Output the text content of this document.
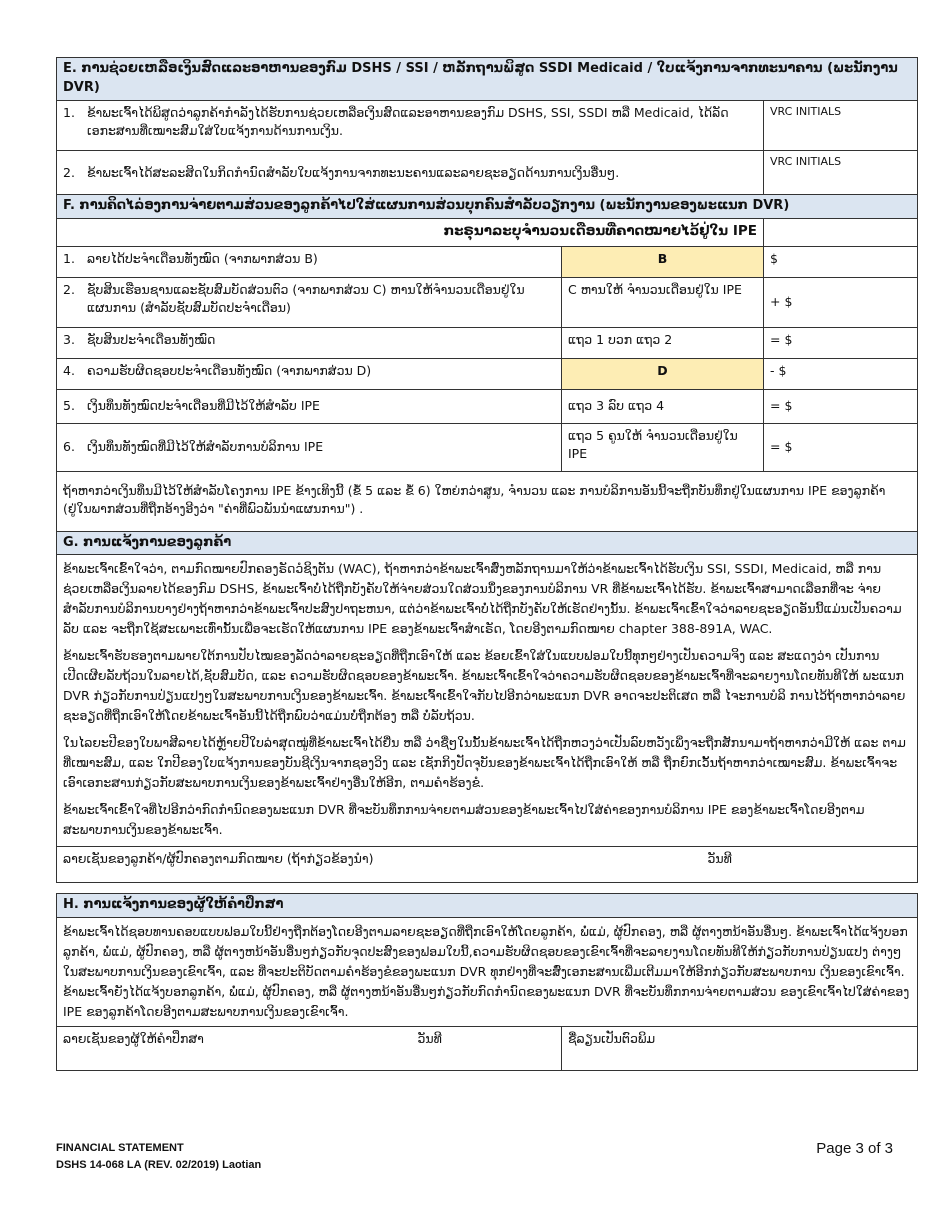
E. ການຊ່ວຍເຫລືອເງິນສົດແລະອາຫານຂອງກົມ DSHS / SSI / ຫລັກຖານພິສູດ SSDI Medicaid / ໃບແຈ້ງການຈາກທະນາຄານ (ພະນັກງານ DVR)	

1. ຂ້າພະເຈົ້າໄດ້ພິສູດວ່າລູກຄ້າກຳລັງໄດ້ຮັບການຊ່ວຍເຫລືອເງິນສົດແລະອາຫານຂອງກົມ DSHS, SSI, SSDI ຫລື Medicaid, ໄດ້ລັດ ເອກະສານທີ່ເໝາະສົມໃສ່ໃບແຈ້ງການດ້ານການເງິນ.	VRC INITIALS

2. ຂ້າພະເຈົ້າໄດ້ສະລະສິດໃນກິດກຳນົດສຳລັບໃບແຈ້ງການຈາກທະນະຄານແລະລາຍຊະອຽດດ້ານການເງິນອື່ນໆ.	VRC INITIALS
F. ການຄິດໄລ່ອງການຈ່າຍຕາມສ່ວນຂອງລູກຄ້າໄປໃສ່ແຜນການສ່ວນບຸກຄົນສຳລັບວຽກງານ (ພະນັກງານຂອງພະແນກ DVR)		
ກະຣຸນາລະບຸຈຳນວນເດືອນທີ່ຄາດໝາຍໄວ້ຢູ່ໃນ IPE		
1. ລາຍໄດ້ປະຈຳເດືອນທັງໝົດ (ຈາກພາກສ່ວນ B)	B	$

2. ຊັບສິນເຮືອນຊານແລະຊັບສົມບັດສ່ວນຕົວ (ຈາກພາກສ່ວນ C) ຫານໃຫ້ຈຳນວນເດືອນຢູ່ໃນແຜນການ (ສຳລັບຊັບສົມບັດປະຈຳເດືອນ)	C ຫານໃຫ້ ຈຳນວນເດືອນຢູ່ໃນ IPE	+ $
3. ຊັບສິນປະຈຳເດືອນທັງໝົດ	ແຖວ 1 ບວກ ແຖວ 2	= $
4. ຄວາມຮັບຜິດຊອບປະຈຳເດືອນທັງໝົດ (ຈາກພາກສ່ວນ D)	D	- $
5. ເງິນທຶນທັງໝົດປະຈຳເດືອນທີ່ມີໄວ້ໃຫ້ສຳລັບ IPE	ແຖວ 3 ລົບ ແຖວ 4	= $
6. ເງິນທຶນທັງໝົດທີ່ມີໄວ້ໃຫ້ສຳລັບການບໍລິການ IPE	ແຖວ 5 ຄູນໃຫ້ ຈຳນວນເດືອນຢູ່ໃນ IPE	= $
ຖ້າຫາກວ່າເງິນທຶນມີໄວ້ໃຫ້ສຳລັບໂຄງການ IPE ຂ້າງເທິງນີ້ (ຂໍ້ 5 ແລະ ຂໍ້ 6) ໃຫຍ່ກວ່າສູນ, ຈຳນວນ ແລະ ການບໍລິການອັນນີ້ຈະຖືກບັນທຶກຢູ່ໃນແຜນການ IPE ຂອງລູກຄ້າ (ຢູ່ໃນພາກສ່ວນທີ່ຖືກອ້າງອີງວ່າ "ຄ່າທີ່ພົວພັນນຳແຜນການ") .		
G. ການແຈ້ງການຂອງລູກຄ້າ

ຂ້າພະເຈົ້າເຂົ້າໃຈວ່າ, ຕາມກົດໝາຍປົກຄອງຣັດວໍຊິງຕັນ (WAC), ຖ້າຫາກວ່າຂ້າພະເຈົ້າສົ່ງຫລັກຖານມາໃຫ້ວ່າຂ້າພະເຈົ້າໄດ້ຮັບເງິນ SSI, SSDI, Medicaid, ຫລື ການຊ່ວຍເຫລືອເງິນລາຍໄດ້ຂອງກົມ DSHS, ຂ້າພະເຈົ້າບໍ່ໄດ້ຖືກບັງຄັບໃຫ້ຈ່າຍສ່ວນໃດສ່ວນນຶ່ງຂອງການບໍລິການ VR ທີ່ຂ້າພະເຈົ້າໄດ້ຮັບ. ຂ້າພະເຈົ້າສາມາດເລືອກທີ່ຈະ ຈ່າຍສຳລັບການບໍລິການບາງຢ່າງຖ້າຫາກວ່າຂ້າພະເຈົ້າປະສົງປາຖະຫນາ, ແຕ່ວ່າຂ້າພະເຈົ້າບໍ່ໄດ້ຖືກບັງຄັບໃຫ້ເຮັດຢ່າງນັ້ນ. ຂ້າພະເຈົ້າເຂົ້າໃຈວ່າລາຍຊະອຽດອັນນີ້ແມ່ນເປັນຄວາມລັບ ແລະ ຈະຖືກໃຊ້ສະເພາະເທົ່ານັ້ນເພື່ອຈະເຮັດໃຫ້ແຜນການ IPE ຂອງຂ້າພະເຈົ້າສຳເຣັດ, ໂດຍອີງຕາມກົດໝາຍ chapter 388-891A, WAC.

ຂ້າພະເຈົ້າຮັບຮອງຕາມພາຍໃຕ້ການປັບໄໝຂອງລັດວ່າລາຍຊະອຽດທີ່ຖືກເອົາໃຫ້ ແລະ ຂ້ອຍເຂົ້າໃສ່ໃນແບບຟອມໃບນີ້ທຸກໆຢ່າງເປັນຄວາມຈິງ ແລະ ສະແດງວ່າ ເປັນການເປີດເຜີຍລັບຖ້ວນໃນລາຍໄດ້,ຊັບສົມບັດ, ແລະ ຄວາມຮັບຜິດຊອບຂອງຂ້າພະເຈົ້າ. ຂ້າພະເຈົ້າເຂົ້າໃຈວ່າຄວາມຮັບຜິດຊອບຂອງຂ້າພະເຈົ້າທີ່ຈະລາຍງານໂດຍທັນທີໃຫ້ ພະແນກ DVR ກ່ຽວກັບການປ່ຽນແປງໆໃນສະພາບການເງິນຂອງຂ້າພະເຈົ້າ. ຂ້າພະເຈົ້າເຂົ້າໃຈກັບໄປອີກວ່າພະແນກ DVR ອາດຈະປະຕິເສດ ຫລື ໄຈະການບໍລິ ການໄວ້ຖ້າຫາກວ່າລາຍຊະອຽດທີ່ຖືກເອົາໃຫ້ໂດຍຂ້າພະເຈົ້າອັນນີ້ໄດ້ຖືກພົບວ່າແມ່ນບໍ່ຖືກຕ້ອງ ຫລື ບໍ່ລັບຖ້ວນ.

ໃນໄລຍະປີຂອງໃບພາສີລາຍໄດ້ຫຼ້າຍປີໃບລ່າສຸດໝູ່ທີ່ຂ້າພະເຈົ້າໄດ້ຍື່ນ ຫລື ວ່າຊື່ໆໃນນັ້ນຂ້າພະເຈົ້າໄດ້ຖືກຫວງວ່າເປັນລົບຫວັງເພິ່ງຈະຖືກສັກນາມາຖ້າຫາກວ່າມີໃຫ້ ແລະ ຕາມທີ່ເໝາະສົມ, ແລະ ໃກປີຂອງໃບແຈ້ງການຂອງບັນຊີເງິນຈາກຊອງວິງ ແລະ ເຊັກກິງປັດຈຸບັນຂອງຂ້າພະເຈົ້າໄດ້ຖືກເອົາໃຫ້ ຫລື ຖືກຍົກເວັ້ນຖ້າຫາກວ່າເໝາະສົມ. ຂ້າພະເຈົ້າຈະເອົາເອກະສານກ່ຽວກັບສະພາບການເງິນຂອງຂ້າພະເຈົ້າຢ່າງອື່ນໃຫ້ອີກ, ຕາມຄຳຮ້ອງຂໍ.

ຂ້າພະເຈົ້າເຂົ້າໃຈທີ່ໄປອີກວ່າກົດກຳນົດຂອງພະແນກ DVR ທີ່ຈະບັນທຶກການຈ່າຍຕາມສ່ວນຂອງຂ້າພະເຈົ້າໄປໃສ່ຄ່າຂອງການບໍລິການ IPE ຂອງຂ້າພະເຈົ້າໂດຍອີງຕາມ ສະພາບການເງິນຂອງຂ້າພະເຈົ້າ.

ລາຍເຊັນຂອງລູກຄ້າ/ຜູ້ປົກຄອງຕາມກົດໝາຍ (ຖ້າກ່ຽວຂ້ອງນຳ)	ວັນທີ
H. ການແຈ້ງການຂອງຜູ້ໃຫ້ຄຳປຶກສາ

ຂ້າພະເຈົ້າໄດ້ຊອບທານຄອບແບບຟອມໃບນີ້ຢ່າງຖືກຕ້ອງໂດຍອີງຕາມລາຍຊະອຽດທີ່ຖືກເອົາໃຫ້ໂດຍລູກຄ້າ, ພໍ່ແມ່, ຜູ້ປົກຄອງ, ຫລື ຜູ້ຕາງຫນ້າອັນອື່ນໆ. ຂ້າພະເຈົ້າໄດ້ແຈ້ງບອກ ລູກຄ້າ, ພໍ່ແມ່, ຜູ້ປົກຄອງ, ຫລື ຜູ້ຕາງຫນ້າອັນອື່ນໆກ່ຽວກັບຈຸດປະສົງຂອງຟອມໃບນີ້,ຄວາມຮັບຜິດຊອບຂອງເຂົາເຈົ້າທີ່ຈະລາຍງານໂດຍທັນທີໃຫ້ກ່ຽວກັບການປ່ຽນແປງ ຕ່າງໆໃນສະພາບການເງິນຂອງເຂົາເຈົ້າ, ແລະ ທີ່ຈະປະຕິບັດຕາມຄຳຮ້ອງຂໍຂອງພະແນກ DVR ທຸກຢ່າງທີ່ຈະສົ່ງເອກະສານເພີ່ມເຕີມມາໃຫ້ອີກກ່ຽວກັບສະພາບການ ເງິນຂອງເຂົາເຈົ້າ. ຂ້າພະເຈົ້າຍັງໄດ້ແຈ້ງບອກລູກຄ້າ, ພໍ່ແມ່, ຜູ້ປົກຄອງ, ຫລື ຜູ້ຕາງຫນ້າອັນອື່ນໆກ່ຽວກັບກົດກຳນົດຂອງພະແນກ DVR ທີ່ຈະບັນທຶກການຈ່າຍຕາມສ່ວນ ຂອງເຂົາເຈົ້າໄປໃສ່ຄ່າຂອງ IPE ຂອງລູກຄ້າໂດຍອີງຕາມສະພາບການເງິນຂອງເຂົາເຈົ້າ.

ລາຍເຊັນຂອງຜູ້ໃຫ້ຄຳປຶກສາ	ວັນທີ	ຊື່ລຽນເປັນຕົວພິມ
FINANCIAL STATEMENT
DSHS 14-068 LA (REV. 02/2019) Laotian
Page 3 of 3
